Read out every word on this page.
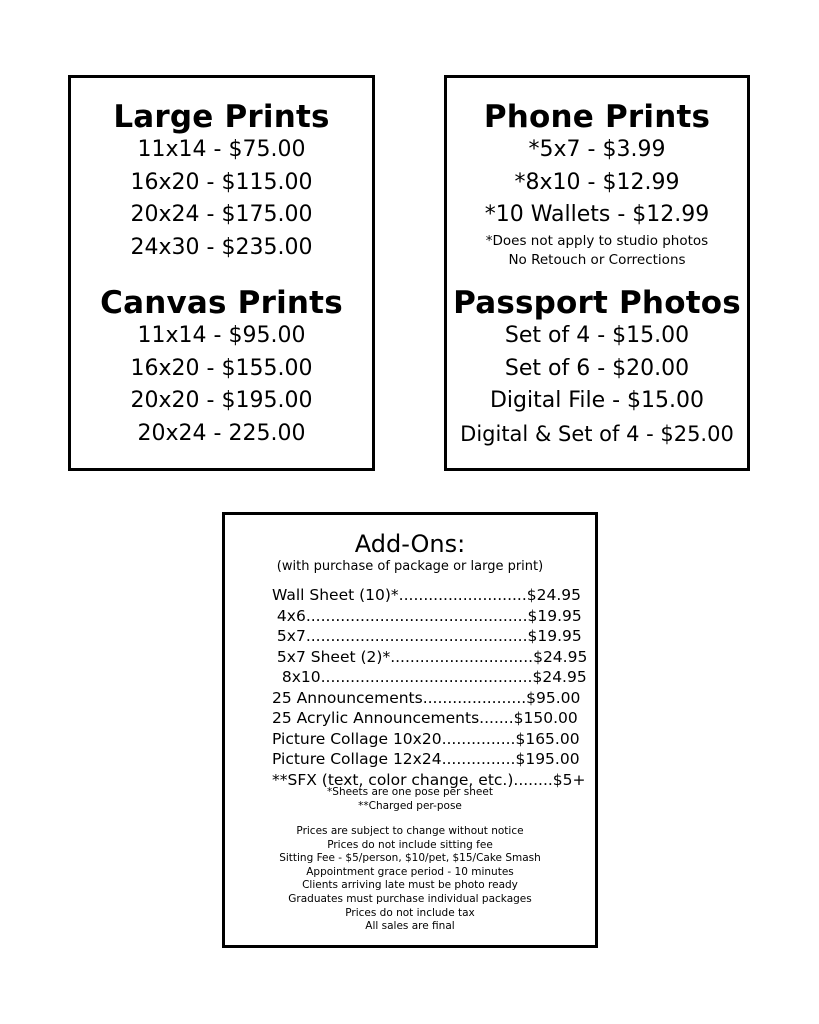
Large Prints
11x14 - $75.00
16x20 - $115.00
20x24 - $175.00
24x30 - $235.00
Canvas Prints
11x14 - $95.00
16x20 - $155.00
20x20 - $195.00
20x24 - 225.00
Phone Prints
*5x7 - $3.99
*8x10 - $12.99
*10 Wallets - $12.99
*Does not apply to studio photos
No Retouch or Corrections
Passport Photos
Set of 4 - $15.00
Set of 6 - $20.00
Digital File - $15.00
Digital & Set of 4 - $25.00
Add-Ons:
(with purchase of package or large print)
Wall Sheet (10)*..........................$24.95
4x6.............................................$19.95
5x7.............................................$19.95
5x7 Sheet (2)*.............................$24.95
8x10...........................................$24.95
25 Announcements.....................$95.00
25 Acrylic Announcements.......$150.00
Picture Collage 10x20...............$165.00
Picture Collage 12x24...............$195.00
**SFX (text, color change, etc.)........$5+
*Sheets are one pose per sheet
**Charged per-pose
Prices are subject to change without notice
Prices do not include sitting fee
Sitting Fee - $5/person, $10/pet, $15/Cake Smash
Appointment grace period - 10 minutes
Clients arriving late must be photo ready
Graduates must purchase individual packages
Prices do not include tax
All sales are final
